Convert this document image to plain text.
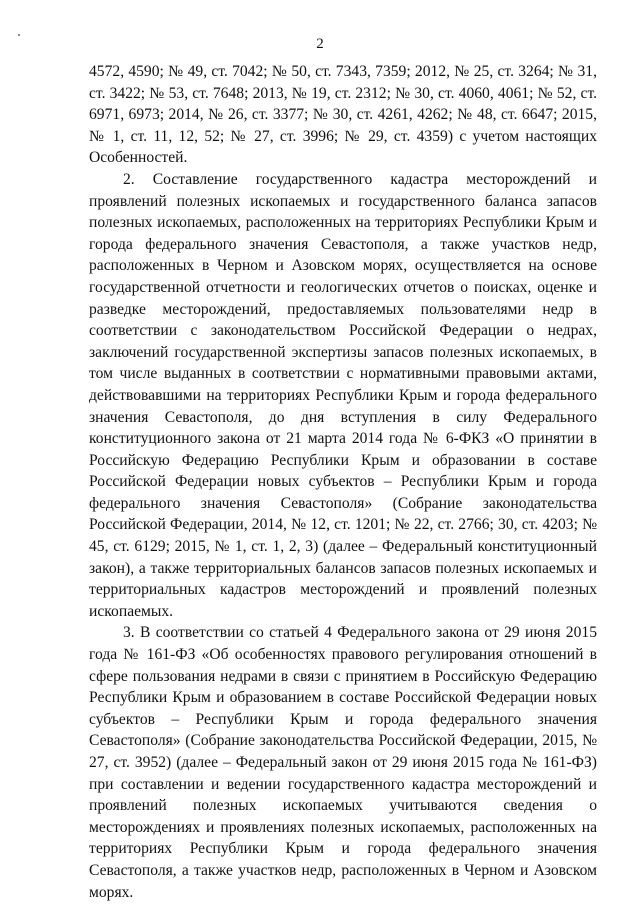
2

4572, 4590; № 49, ст. 7042; № 50, ст. 7343, 7359; 2012, № 25, ст. 3264; № 31, ст. 3422; № 53, ст. 7648; 2013, № 19, ст. 2312; № 30, ст. 4060, 4061; № 52, ст. 6971, 6973; 2014, № 26, ст. 3377; № 30, ст. 4261, 4262; № 48, ст. 6647; 2015, № 1, ст. 11, 12, 52; № 27, ст. 3996; № 29, ст. 4359) с учетом настоящих Особенностей.

2. Составление государственного кадастра месторождений и проявлений полезных ископаемых и государственного баланса запасов полезных ископаемых, расположенных на территориях Республики Крым и города федерального значения Севастополя, а также участков недр, расположенных в Черном и Азовском морях, осуществляется на основе государственной отчетности и геологических отчетов о поисках, оценке и разведке месторождений, предоставляемых пользователями недр в соответствии с законодательством Российской Федерации о недрах, заключений государственной экспертизы запасов полезных ископаемых, в том числе выданных в соответствии с нормативными правовыми актами, действовавшими на территориях Республики Крым и города федерального значения Севастополя, до дня вступления в силу Федерального конституционного закона от 21 марта 2014 года № 6-ФКЗ «О принятии в Российскую Федерацию Республики Крым и образовании в составе Российской Федерации новых субъектов – Республики Крым и города федерального значения Севастополя» (Собрание законодательства Российской Федерации, 2014, № 12, ст. 1201; № 22, ст. 2766; 30, ст. 4203; № 45, ст. 6129; 2015, № 1, ст. 1, 2, 3) (далее – Федеральный конституционный закон), а также территориальных балансов запасов полезных ископаемых и территориальных кадастров месторождений и проявлений полезных ископаемых.

3. В соответствии со статьей 4 Федерального закона от 29 июня 2015 года № 161-ФЗ «Об особенностях правового регулирования отношений в сфере пользования недрами в связи с принятием в Российскую Федерацию Республики Крым и образованием в составе Российской Федерации новых субъектов – Республики Крым и города федерального значения Севастополя» (Собрание законодательства Российской Федерации, 2015, № 27, ст. 3952) (далее – Федеральный закон от 29 июня 2015 года № 161-ФЗ) при составлении и ведении государственного кадастра месторождений и проявлений полезных ископаемых учитываются сведения о месторождениях и проявлениях полезных ископаемых, расположенных на территориях Республики Крым и города федерального значения Севастополя, а также участков недр, расположенных в Черном и Азовском морях.
